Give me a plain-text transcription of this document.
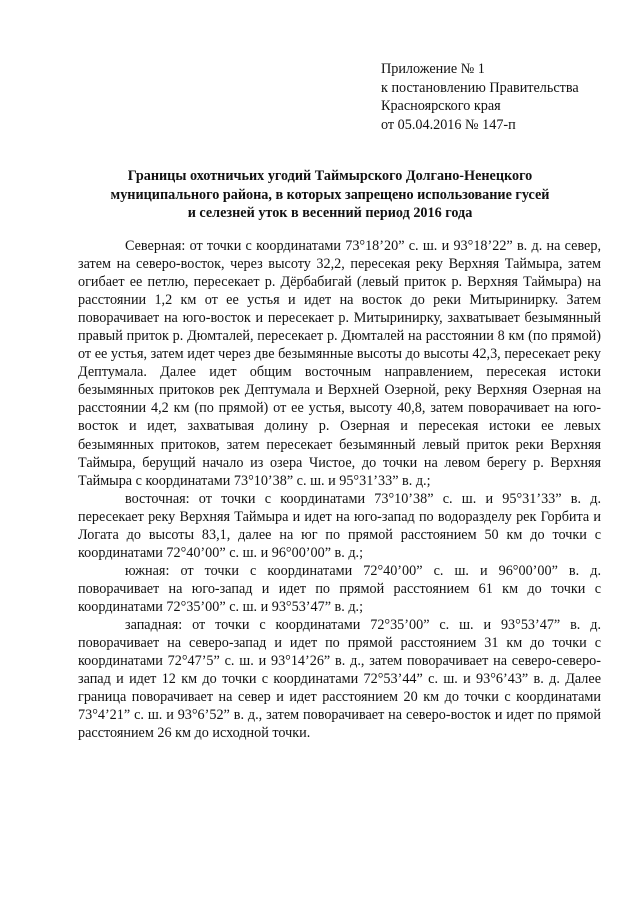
Приложение № 1
к постановлению Правительства
Красноярского края
от 05.04.2016 № 147-п
Границы охотничьих угодий Таймырского Долгано-Ненецкого
муниципального района, в которых запрещено использование гусей
и селезней уток в весенний период 2016 года

Северная: от точки с координатами 73°18’20” с. ш. и 93°18’22” в. д. на север, затем на северо-восток, через высоту 32,2, пересекая реку Верхняя Таймыра, затем огибает ее петлю, пересекает р. Дёрбабигай (левый приток р. Верхняя Таймыра) на расстоянии 1,2 км от ее устья и идет на восток до реки Митыринирку. Затем поворачивает на юго-восток и пересекает р. Митыринирку, захватывает безымянный правый приток р. Дюмталей, пересекает р. Дюмталей на расстоянии 8 км (по прямой) от ее устья, затем идет через две безымянные высоты до высоты 42,3, пересекает реку Дептумала. Далее идет общим восточным направлением, пересекая истоки безымянных притоков рек Дептумала и Верхней Озерной, реку Верхняя Озерная на расстоянии 4,2 км (по прямой) от ее устья, высоту 40,8, затем поворачивает на юго-восток и идет, захватывая долину р. Озерная и пересекая истоки ее левых безымянных притоков, затем пересекает безымянный левый приток реки Верхняя Таймыра, берущий начало из озера Чистое, до точки на левом берегу р. Верхняя Таймыра с координатами 73°10’38” с. ш. и 95°31’33” в. д.;

восточная: от точки с координатами 73°10’38” с. ш. и 95°31’33” в. д. пересекает реку Верхняя Таймыра и идет на юго-запад по водоразделу рек Горбита и Логата до высоты 83,1, далее на юг по прямой расстоянием 50 км до точки с координатами 72°40’00” с. ш. и 96°00’00” в. д.;

южная: от точки с координатами 72°40’00” с. ш. и 96°00’00” в. д. поворачивает на юго-запад и идет по прямой расстоянием 61 км до точки с координатами 72°35’00” с. ш. и 93°53’47” в. д.;

западная: от точки с координатами 72°35’00” с. ш. и 93°53’47” в. д. поворачивает на северо-запад и идет по прямой расстоянием 31 км до точки с координатами 72°47’5” с. ш. и 93°14’26” в. д., затем поворачивает на северо-северо-запад и идет 12 км до точки с координатами 72°53’44” с. ш. и 93°6’43” в. д. Далее граница поворачивает на север и идет расстоянием 20 км до точки с координатами 73°4’21” с. ш. и 93°6’52” в. д., затем поворачивает на северо-восток и идет по прямой расстоянием 26 км до исходной точки.
